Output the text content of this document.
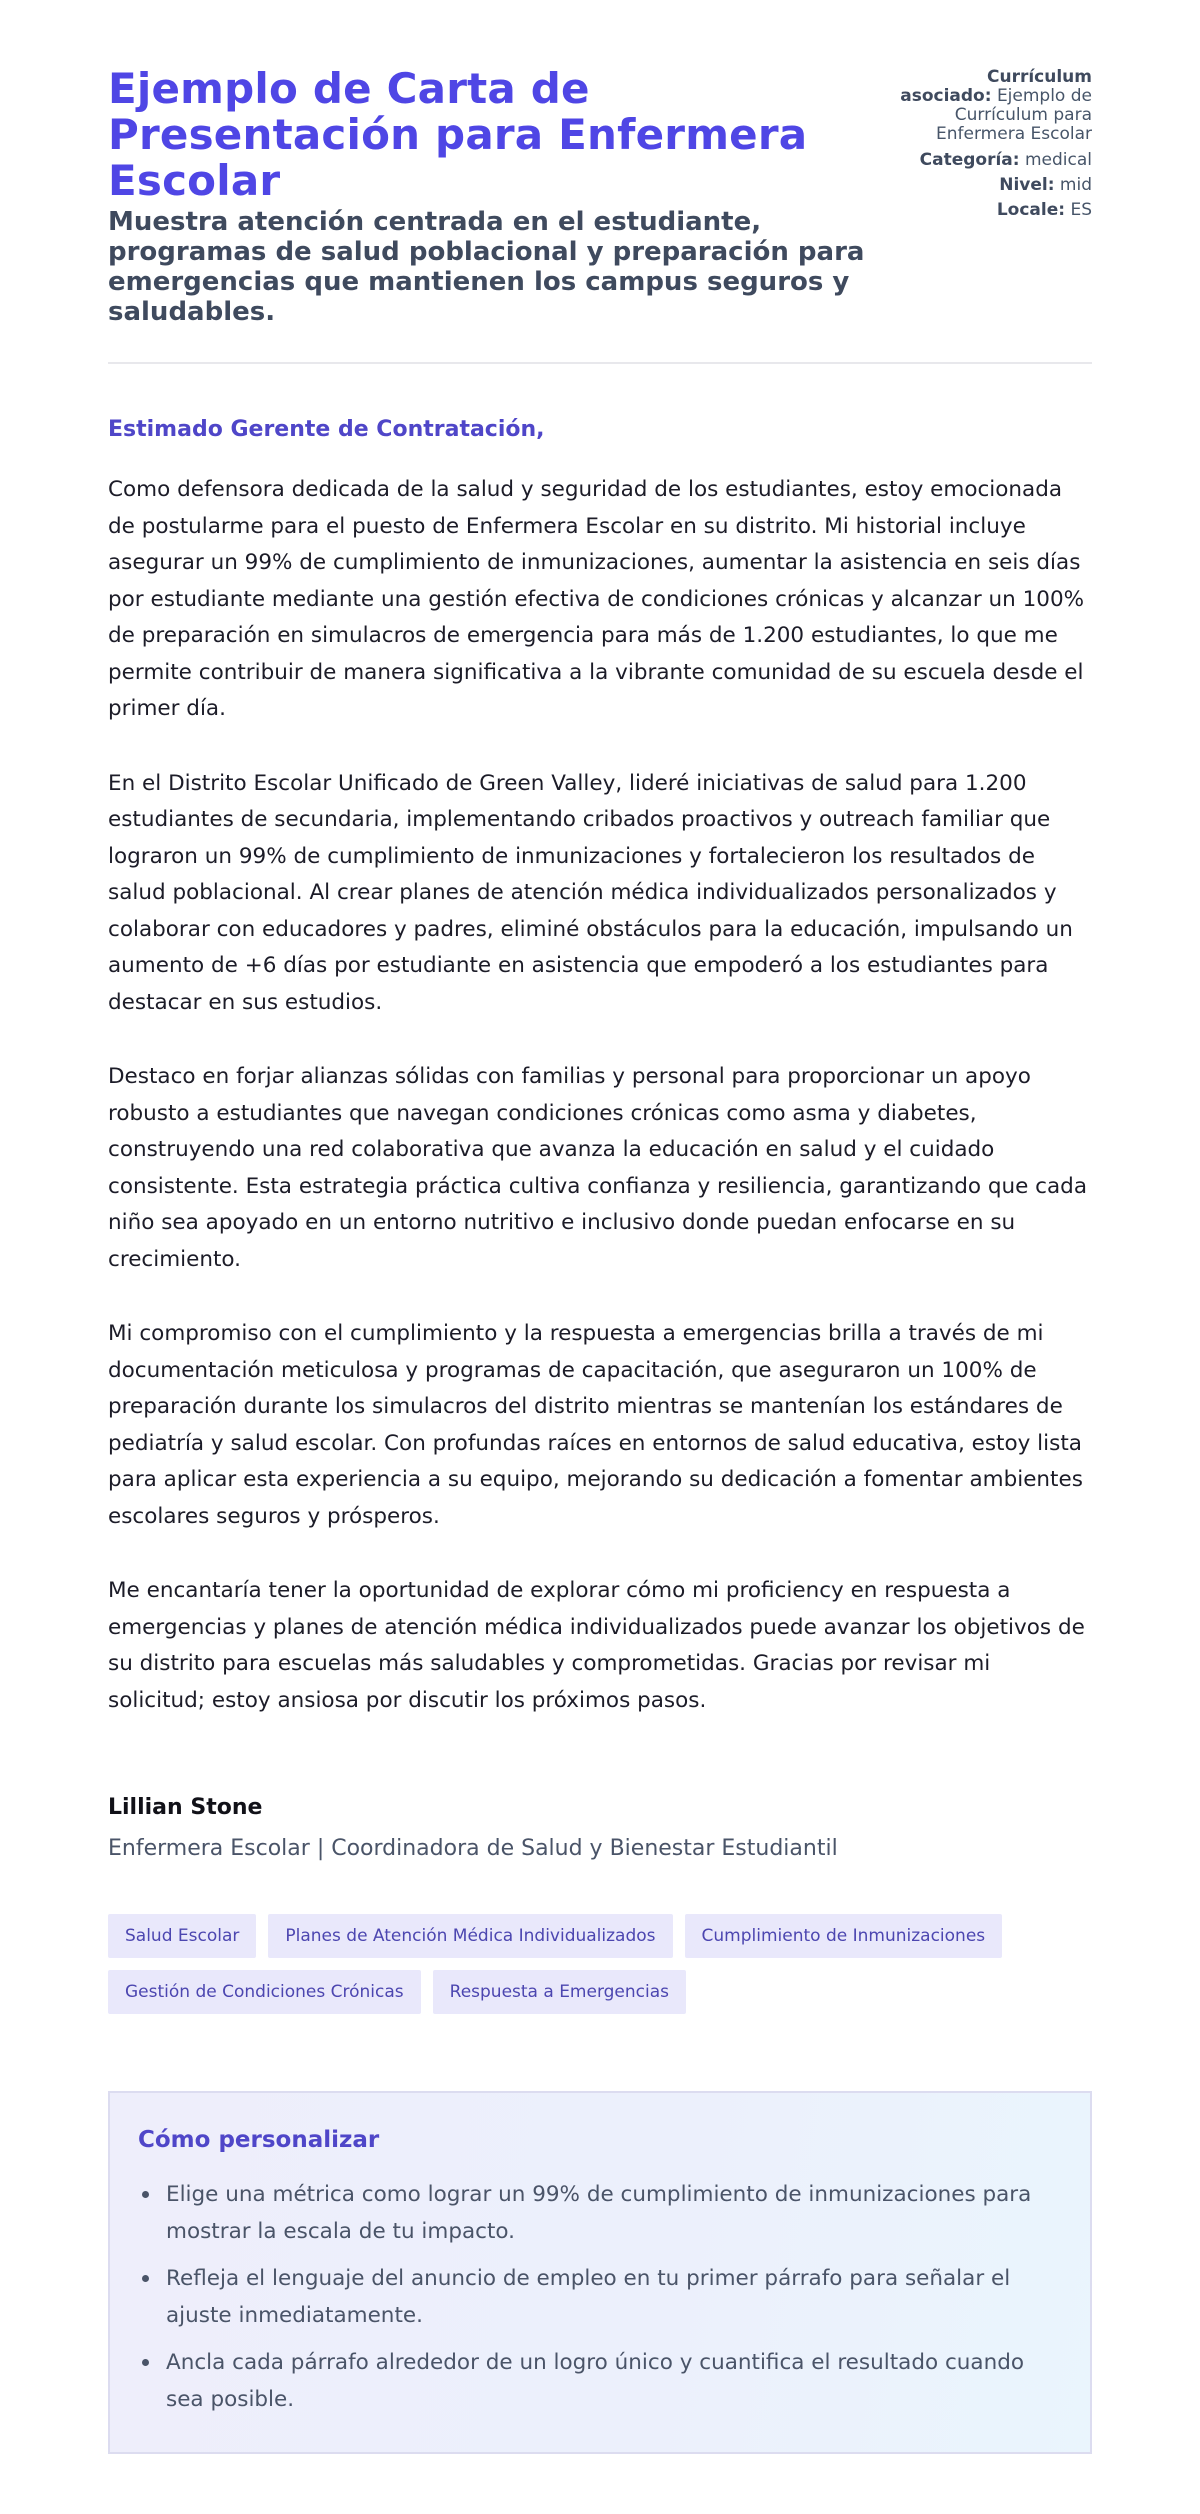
Ejemplo de Carta de Presentación para Enfermera Escolar
Muestra atención centrada en el estudiante, programas de salud poblacional y preparación para emergencias que mantienen los campus seguros y saludables.
Currículum asociado: Ejemplo de Currículum para Enfermera Escolar
Categoría: medical
Nivel: mid
Locale: ES

Estimado Gerente de Contratación,

Como defensora dedicada de la salud y seguridad de los estudiantes, estoy emocionada de postularme para el puesto de Enfermera Escolar en su distrito. Mi historial incluye asegurar un 99% de cumplimiento de inmunizaciones, aumentar la asistencia en seis días por estudiante mediante una gestión efectiva de condiciones crónicas y alcanzar un 100% de preparación en simulacros de emergencia para más de 1.200 estudiantes, lo que me permite contribuir de manera significativa a la vibrante comunidad de su escuela desde el primer día.

En el Distrito Escolar Unificado de Green Valley, lideré iniciativas de salud para 1.200 estudiantes de secundaria, implementando cribados proactivos y outreach familiar que lograron un 99% de cumplimiento de inmunizaciones y fortalecieron los resultados de salud poblacional. Al crear planes de atención médica individualizados personalizados y colaborar con educadores y padres, eliminé obstáculos para la educación, impulsando un aumento de +6 días por estudiante en asistencia que empoderó a los estudiantes para destacar en sus estudios.

Destaco en forjar alianzas sólidas con familias y personal para proporcionar un apoyo robusto a estudiantes que navegan condiciones crónicas como asma y diabetes, construyendo una red colaborativa que avanza la educación en salud y el cuidado consistente. Esta estrategia práctica cultiva confianza y resiliencia, garantizando que cada niño sea apoyado en un entorno nutritivo e inclusivo donde puedan enfocarse en su crecimiento.

Mi compromiso con el cumplimiento y la respuesta a emergencias brilla a través de mi documentación meticulosa y programas de capacitación, que aseguraron un 100% de preparación durante los simulacros del distrito mientras se mantenían los estándares de pediatría y salud escolar. Con profundas raíces en entornos de salud educativa, estoy lista para aplicar esta experiencia a su equipo, mejorando su dedicación a fomentar ambientes escolares seguros y prósperos.

Me encantaría tener la oportunidad de explorar cómo mi proficiency en respuesta a emergencias y planes de atención médica individualizados puede avanzar los objetivos de su distrito para escuelas más saludables y comprometidas. Gracias por revisar mi solicitud; estoy ansiosa por discutir los próximos pasos.

Lillian Stone

Enfermera Escolar | Coordinadora de Salud y Bienestar Estudiantil

Salud Escolar	Planes de Atención Médica Individualizados	Cumplimiento de Inmunizaciones
Gestión de Condiciones Crónicas	Respuesta a Emergencias
Cómo personalizar
Elige una métrica como lograr un 99% de cumplimiento de inmunizaciones para mostrar la escala de tu impacto.
Refleja el lenguaje del anuncio de empleo en tu primer párrafo para señalar el ajuste inmediatamente.
Ancla cada párrafo alrededor de un logro único y cuantifica el resultado cuando sea posible.
